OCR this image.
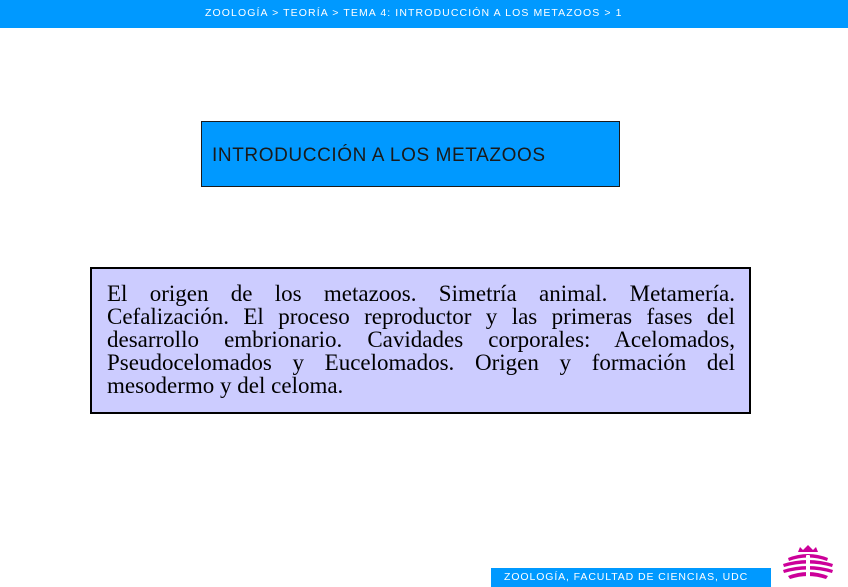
ZOOLOGÍA > TEORÍA > TEMA 4: INTRODUCCIÓN A LOS METAZOOS > 1
INTRODUCCIÓN A LOS METAZOOS

El origen de los metazoos. Simetría animal. Metamería. Cefalización. El proceso reproductor y las primeras fases del desarrollo embrionario. Cavidades corporales: Acelomados, Pseudocelomados y Eucelomados. Origen y formación del mesodermo y del celoma.

ZOOLOGÍA, FACULTAD DE CIENCIAS, UDC
